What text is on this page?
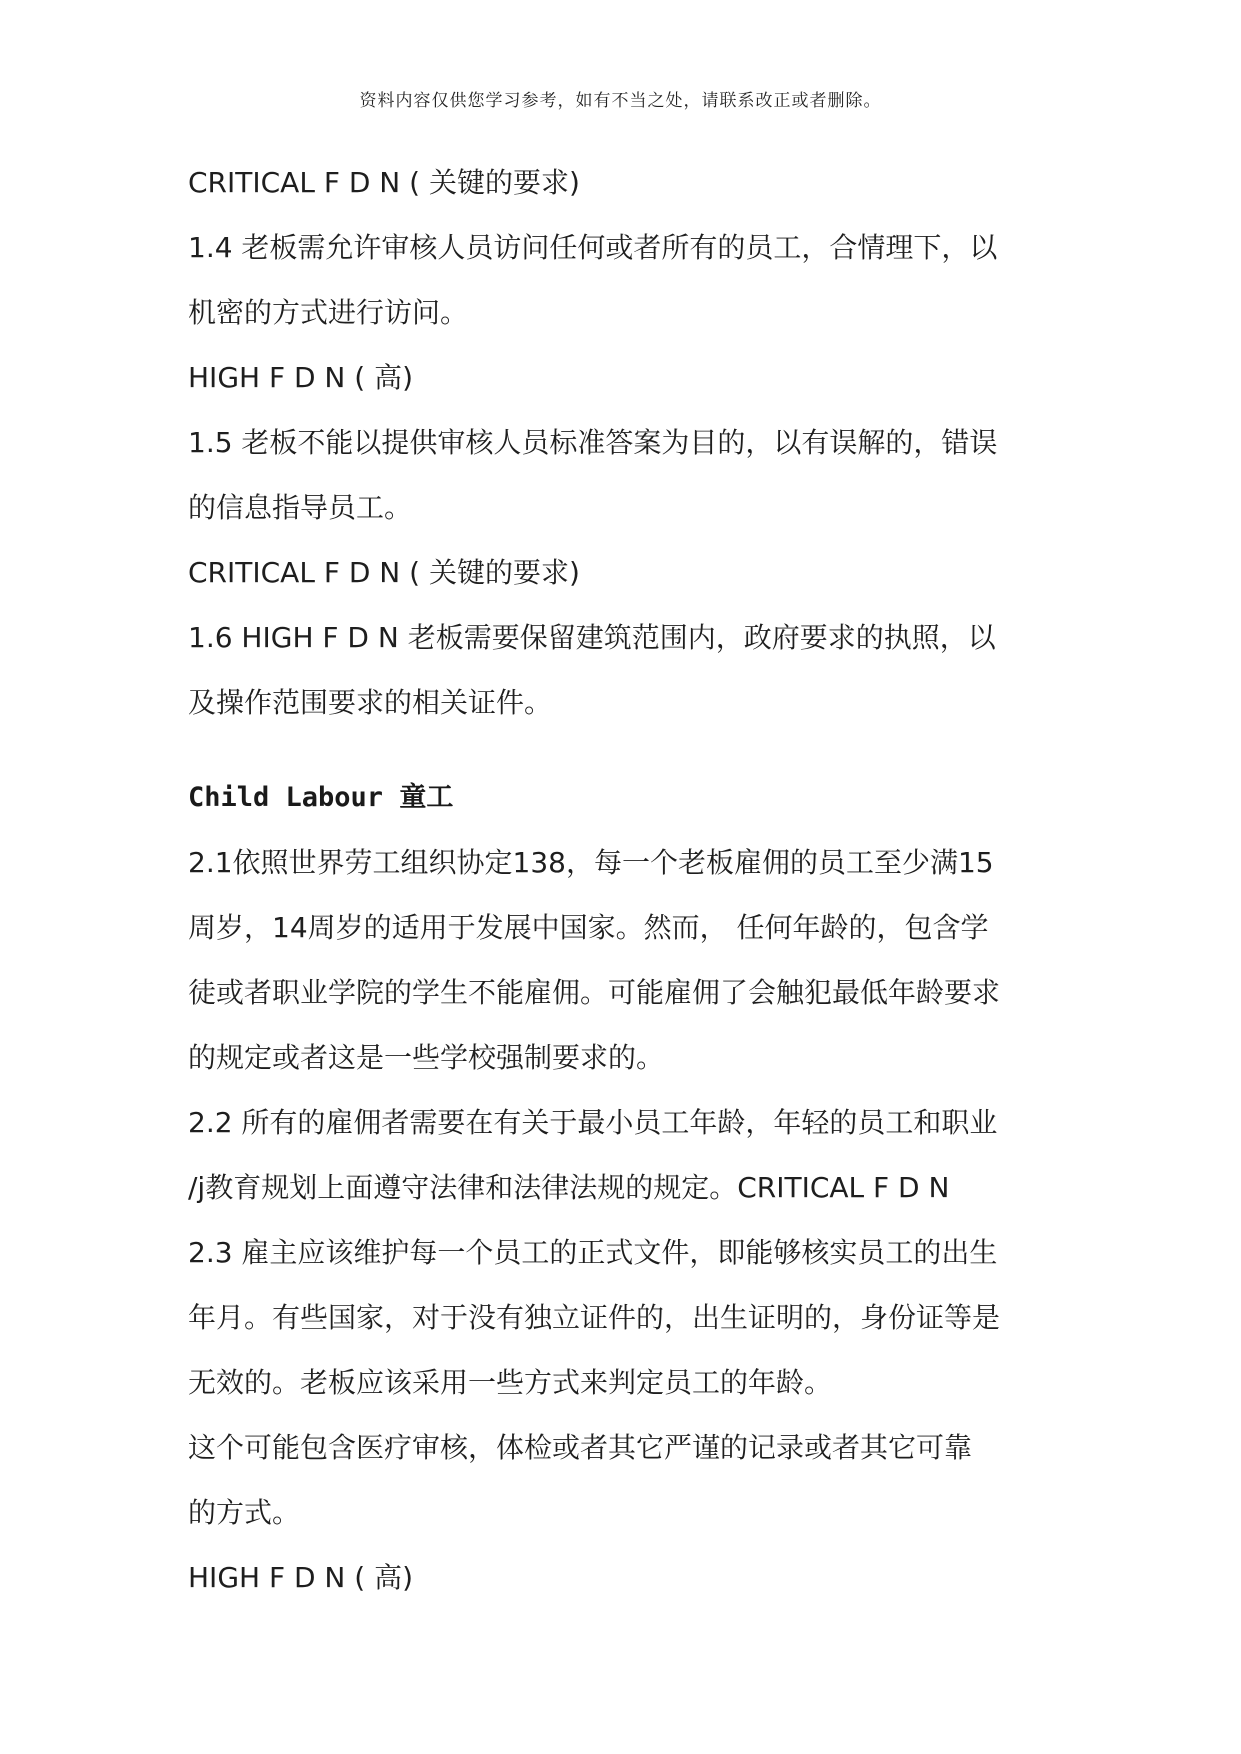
资料内容仅供您学习参考，如有不当之处，请联系改正或者删除。
CRITICAL F D N ( 关键的要求)
1.4 老板需允许审核人员访问任何或者所有的员工，合情理下，以
机密的方式进行访问。
HIGH F D N ( 高)
1.5 老板不能以提供审核人员标准答案为目的，以有误解的，错误
的信息指导员工。
CRITICAL F D N ( 关键的要求)
1.6 HIGH F D N 老板需要保留建筑范围内，政府要求的执照，以
及操作范围要求的相关证件。
Child Labour 童工
2.1依照世界劳工组织协定138，每一个老板雇佣的员工至少满15
周岁，14周岁的适用于发展中国家。然而， 任何年龄的，包含学
徒或者职业学院的学生不能雇佣。可能雇佣了会触犯最低年龄要求
的规定或者这是一些学校强制要求的。
2.2 所有的雇佣者需要在有关于最小员工年龄，年轻的员工和职业
/j教育规划上面遵守法律和法律法规的规定。CRITICAL F D N
2.3 雇主应该维护每一个员工的正式文件，即能够核实员工的出生
年月。有些国家，对于没有独立证件的，出生证明的，身份证等是
无效的。老板应该采用一些方式来判定员工的年龄。
这个可能包含医疗审核，体检或者其它严谨的记录或者其它可靠
的方式。
HIGH F D N ( 高)
